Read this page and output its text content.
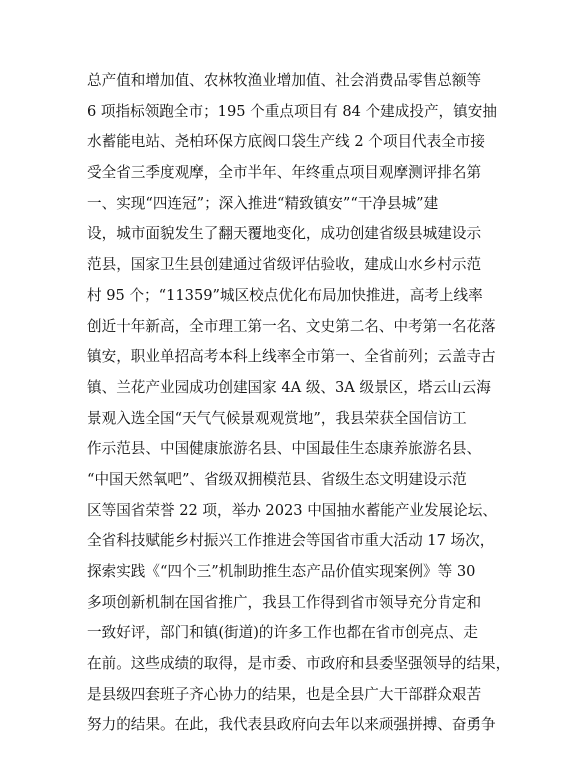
总产值和增加值、农林牧渔业增加值、社会消费品零售总额等
6 项指标领跑全市；195 个重点项目有 84 个建成投产，镇安抽
水蓄能电站、尧柏环保方底阀口袋生产线 2 个项目代表全市接
受全省三季度观摩，全市半年、年终重点项目观摩测评排名第
一、实现“四连冠”；深入推进“精致镇安”“干净县城”建
设，城市面貌发生了翻天覆地变化，成功创建省级县城建设示
范县，国家卫生县创建通过省级评估验收，建成山水乡村示范
村 95 个；“11359”城区校点优化布局加快推进，高考上线率
创近十年新高，全市理工第一名、文史第二名、中考第一名花落
镇安，职业单招高考本科上线率全市第一、全省前列；云盖寺古
镇、兰花产业园成功创建国家 4A 级、3A 级景区，塔云山云海
景观入选全国“天气气候景观观赏地”，我县荣获全国信访工
作示范县、中国健康旅游名县、中国最佳生态康养旅游名县、
“中国天然氧吧”、省级双拥模范县、省级生态文明建设示范
区等国省荣誉 22 项，举办 2023 中国抽水蓄能产业发展论坛、
全省科技赋能乡村振兴工作推进会等国省市重大活动 17 场次，
探索实践《“四个三”机制助推生态产品价值实现案例》等 30
多项创新机制在国省推广，我县工作得到省市领导充分肯定和
一致好评，部门和镇(街道)的许多工作也都在省市创亮点、走
在前。这些成绩的取得，是市委、市政府和县委坚强领导的结果，
是县级四套班子齐心协力的结果，也是全县广大干部群众艰苦
努力的结果。在此，我代表县政府向去年以来顽强拼搏、奋勇争
